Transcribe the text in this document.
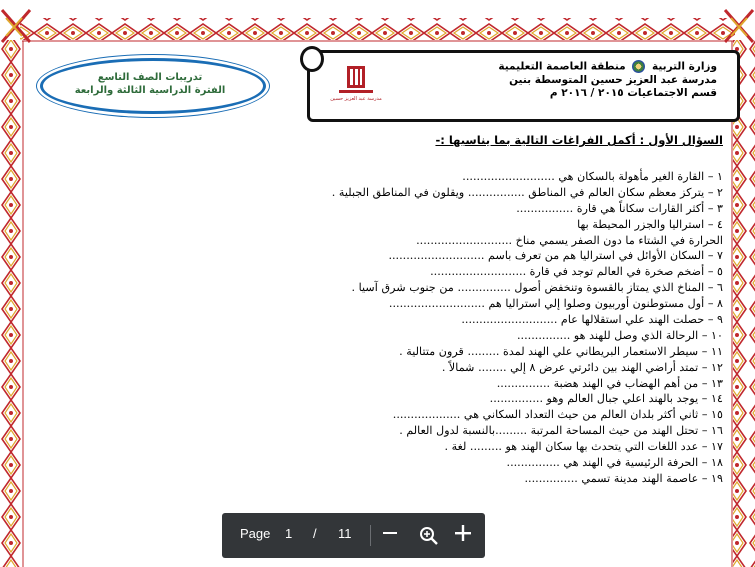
تدريبات الصف التاسع
الفترة الدراسية الثالثة والرابعة
وزارة التربية  منطقة العاصمة التعليمية
مدرسة عبد العزيز حسين المتوسطة بنين
قسم الاجتماعيات ٢٠١٥ / ٢٠١٦ م
مدرسة عبد العزيز حسين
السؤال الأول : أكمل الفراغات التالية بما يناسبها :-
١ – القارة الغير مأهولة بالسكان هي ..........................
٢ – يتركز معظم سكان العالم في المناطق ................ ويقلون في المناطق الجبلية .
٣ – أكثر القارات سكاناً هي قارة ................
٤ – استراليا والجزر المحيطة بها
الحرارة في الشتاء ما دون الصفر يسمي مناخ ...........................
٧ – السكان الأوائل في استراليا هم من تعرف باسم ...........................
٥ – أضخم صخرة في العالم توجد في قارة ...........................
٦ – المناخ الذي يمتاز بالقسوة وتنخفض أصول ............... من جنوب شرق آسيا .
٨ – أول مستوطنون أوربيون وصلوا إلي استراليا هم ...........................
٩ – حصلت الهند علي استقلالها عام ...........................
١٠ – الرحالة الذي وصل للهند هو ...............
١١ – سيطر الاستعمار البريطاني علي الهند لمدة ......... قرون متتالية .
١٢ – تمتد أراضي الهند بين دائرتي عرض ٨ إلي ........ شمالاً .
١٣ – من أهم الهضاب في الهند هضبة ...............
١٤ – يوجد بالهند اعلي جبال العالم وهو ...............
١٥ – ثاني أكثر بلدان العالم من حيث التعداد السكاني هي ...................
١٦ – تحتل الهند من حيث المساحة المرتبة .........بالنسبة لدول العالم .
١٧ – عدد اللغات التي يتحدث بها سكان الهند هو ......... لغة .
١٨ – الحرفة الرئيسية في الهند هي ...............
١٩ – عاصمة الهند مدينة تسمي ...............
Page 1 / 11
